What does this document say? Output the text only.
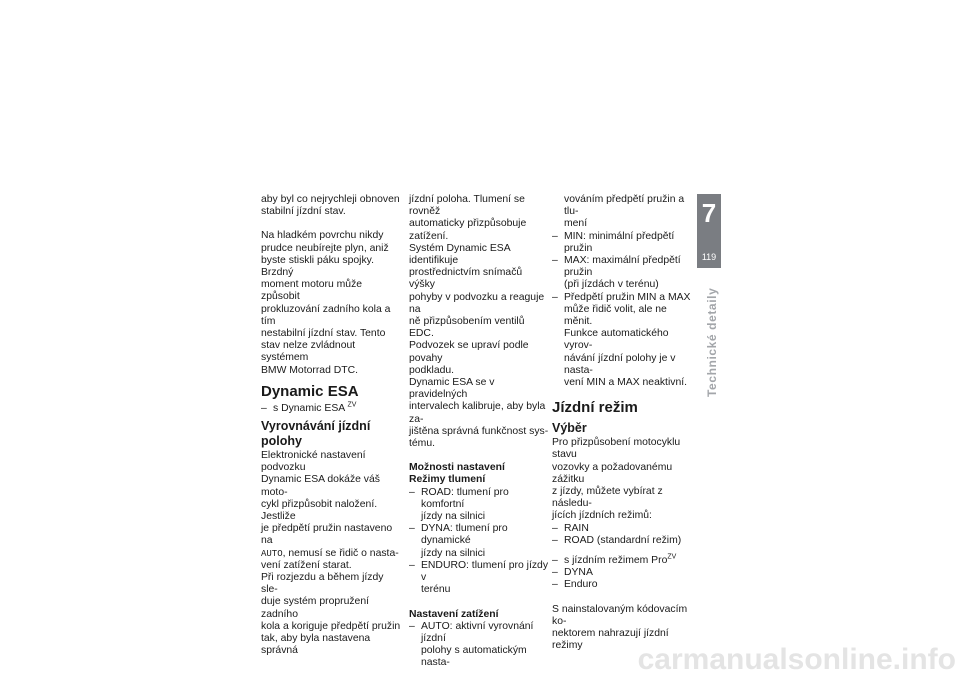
aby byl co nejrychleji obnoven

stabilní jízdní stav.

Na hladkém povrchu nikdy

prudce neubírejte plyn, aniž

byste stiskli páku spojky. Brzdný

moment motoru může způsobit

prokluzování zadního kola a tím

nestabilní jízdní stav. Tento

stav nelze zvládnout systémem

BMW Motorrad DTC.

Dynamic ESA
– s Dynamic ESA $^{ZV}$
Vyrovnávání jízdní polohy

Elektronické nastavení podvozku

Dynamic ESA dokáže váš moto-

cykl přizpůsobit naložení. Jestliže

je předpětí pružin nastaveno na

AUTO, nemusí se řidič o nasta-

vení zatížení starat.

Při rozjezdu a během jízdy sle-

duje systém propružení zadního

kola a koriguje předpětí pružin

tak, aby byla nastavena správná

jízdní poloha. Tlumení se rovněž

automaticky přizpůsobuje zatížení.

Systém Dynamic ESA identifikuje

prostřednictvím snímačů výšky

pohyby v podvozku a reaguje na

ně přizpůsobením ventilů EDC.

Podvozek se upraví podle povahy

podkladu.

Dynamic ESA se v pravidelných

intervalech kalibruje, aby byla za-

jištěna správná funkčnost sys-

tému.

Možnosti nastavení
Režimy tlumení

– ROAD: tlumení pro komfortní

jízdy na silnici

– DYNA: tlumení pro dynamické

jízdy na silnici

– ENDURO: tlumení pro jízdy v

terénu

Nastavení zatížení

– AUTO: aktivní vyrovnání jízdní

polohy s automatickým nasta-

vováním předpětí pružin a tlu-

mení

– MIN: minimální předpětí pružin

– MAX: maximální předpětí pružin

(při jízdách v terénu)

– Předpětí pružin MIN a MAX

může řidič volit, ale ne měnit.

Funkce automatického vyrov-

návání jízdní polohy je v nasta-

vení MIN a MAX neaktivní.

Jízdní režim
Výběr

Pro přizpůsobení motocyklu stavu

vozovky a požadovanému zážitku

z jízdy, můžete vybírat z následu-

jících jízdních režimů:

– RAIN
– ROAD (standardní režim)
– s jízdním režimem Pro$^{ZV}$
– DYNA
– Enduro

S nainstalovaným kódovacím ko-

nektorem nahrazují jízdní režimy

7
119
Technické detaily
carmanualsonline.info
